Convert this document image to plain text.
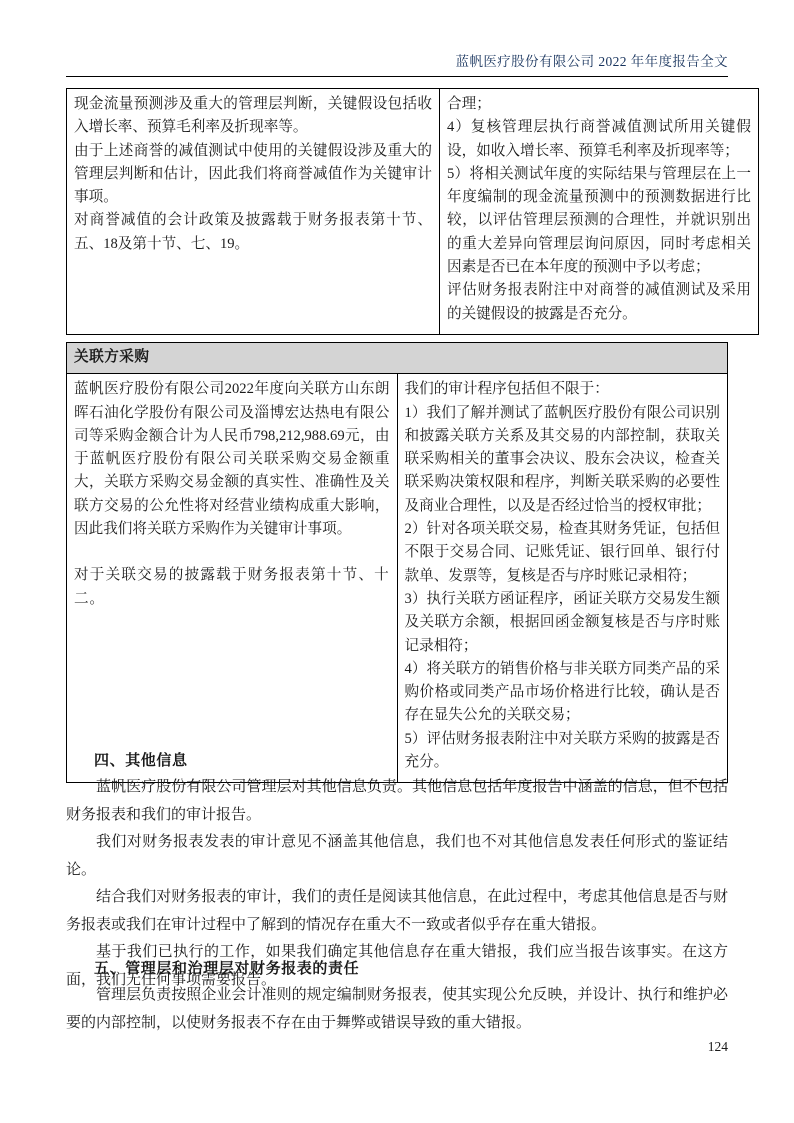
蓝帆医疗股份有限公司 2022 年年度报告全文

现金流量预测涉及重大的管理层判断，关键假设包括收入增长率、预算毛利率及折现率等。

由于上述商誉的减值测试中使用的关键假设涉及重大的管理层判断和估计，因此我们将商誉减值作为关键审计事项。

对商誉减值的会计政策及披露载于财务报表第十节、五、18及第十节、七、19。

合理；

4）复核管理层执行商誉减值测试所用关键假设，如收入增长率、预算毛利率及折现率等；

5）将相关测试年度的实际结果与管理层在上一年度编制的现金流量预测中的预测数据进行比较，以评估管理层预测的合理性，并就识别出的重大差异向管理层询问原因，同时考虑相关因素是否已在本年度的预测中予以考虑；

评估财务报表附注中对商誉的减值测试及采用的关键假设的披露是否充分。

关联方采购

蓝帆医疗股份有限公司2022年度向关联方山东朗晖石油化学股份有限公司及淄博宏达热电有限公司等采购金额合计为人民币798,212,988.69元，由于蓝帆医疗股份有限公司关联采购交易金额重大，关联方采购交易金额的真实性、准确性及关联方交易的公允性将对经营业绩构成重大影响，因此我们将关联方采购作为关键审计事项。

对于关联交易的披露载于财务报表第十节、十二。

我们的审计程序包括但不限于：

1）我们了解并测试了蓝帆医疗股份有限公司识别和披露关联方关系及其交易的内部控制，获取关联采购相关的董事会决议、股东会决议，检查关联采购决策权限和程序，判断关联采购的必要性及商业合理性，以及是否经过恰当的授权审批；

2）针对各项关联交易，检查其财务凭证，包括但不限于交易合同、记账凭证、银行回单、银行付款单、发票等，复核是否与序时账记录相符；

3）执行关联方函证程序，函证关联方交易发生额及关联方余额，根据回函金额复核是否与序时账记录相符；

4）将关联方的销售价格与非关联方同类产品的采购价格或同类产品市场价格进行比较，确认是否存在显失公允的关联交易；

5）评估财务报表附注中对关联方采购的披露是否充分。

四、其他信息

蓝帆医疗股份有限公司管理层对其他信息负责。其他信息包括年度报告中涵盖的信息，但不包括财务报表和我们的审计报告。

我们对财务报表发表的审计意见不涵盖其他信息，我们也不对其他信息发表任何形式的鉴证结论。

结合我们对财务报表的审计，我们的责任是阅读其他信息，在此过程中，考虑其他信息是否与财务报表或我们在审计过程中了解到的情况存在重大不一致或者似乎存在重大错报。

基于我们已执行的工作，如果我们确定其他信息存在重大错报，我们应当报告该事实。在这方面，我们无任何事项需要报告。

五、管理层和治理层对财务报表的责任

管理层负责按照企业会计准则的规定编制财务报表，使其实现公允反映，并设计、执行和维护必要的内部控制，以使财务报表不存在由于舞弊或错误导致的重大错报。

124
